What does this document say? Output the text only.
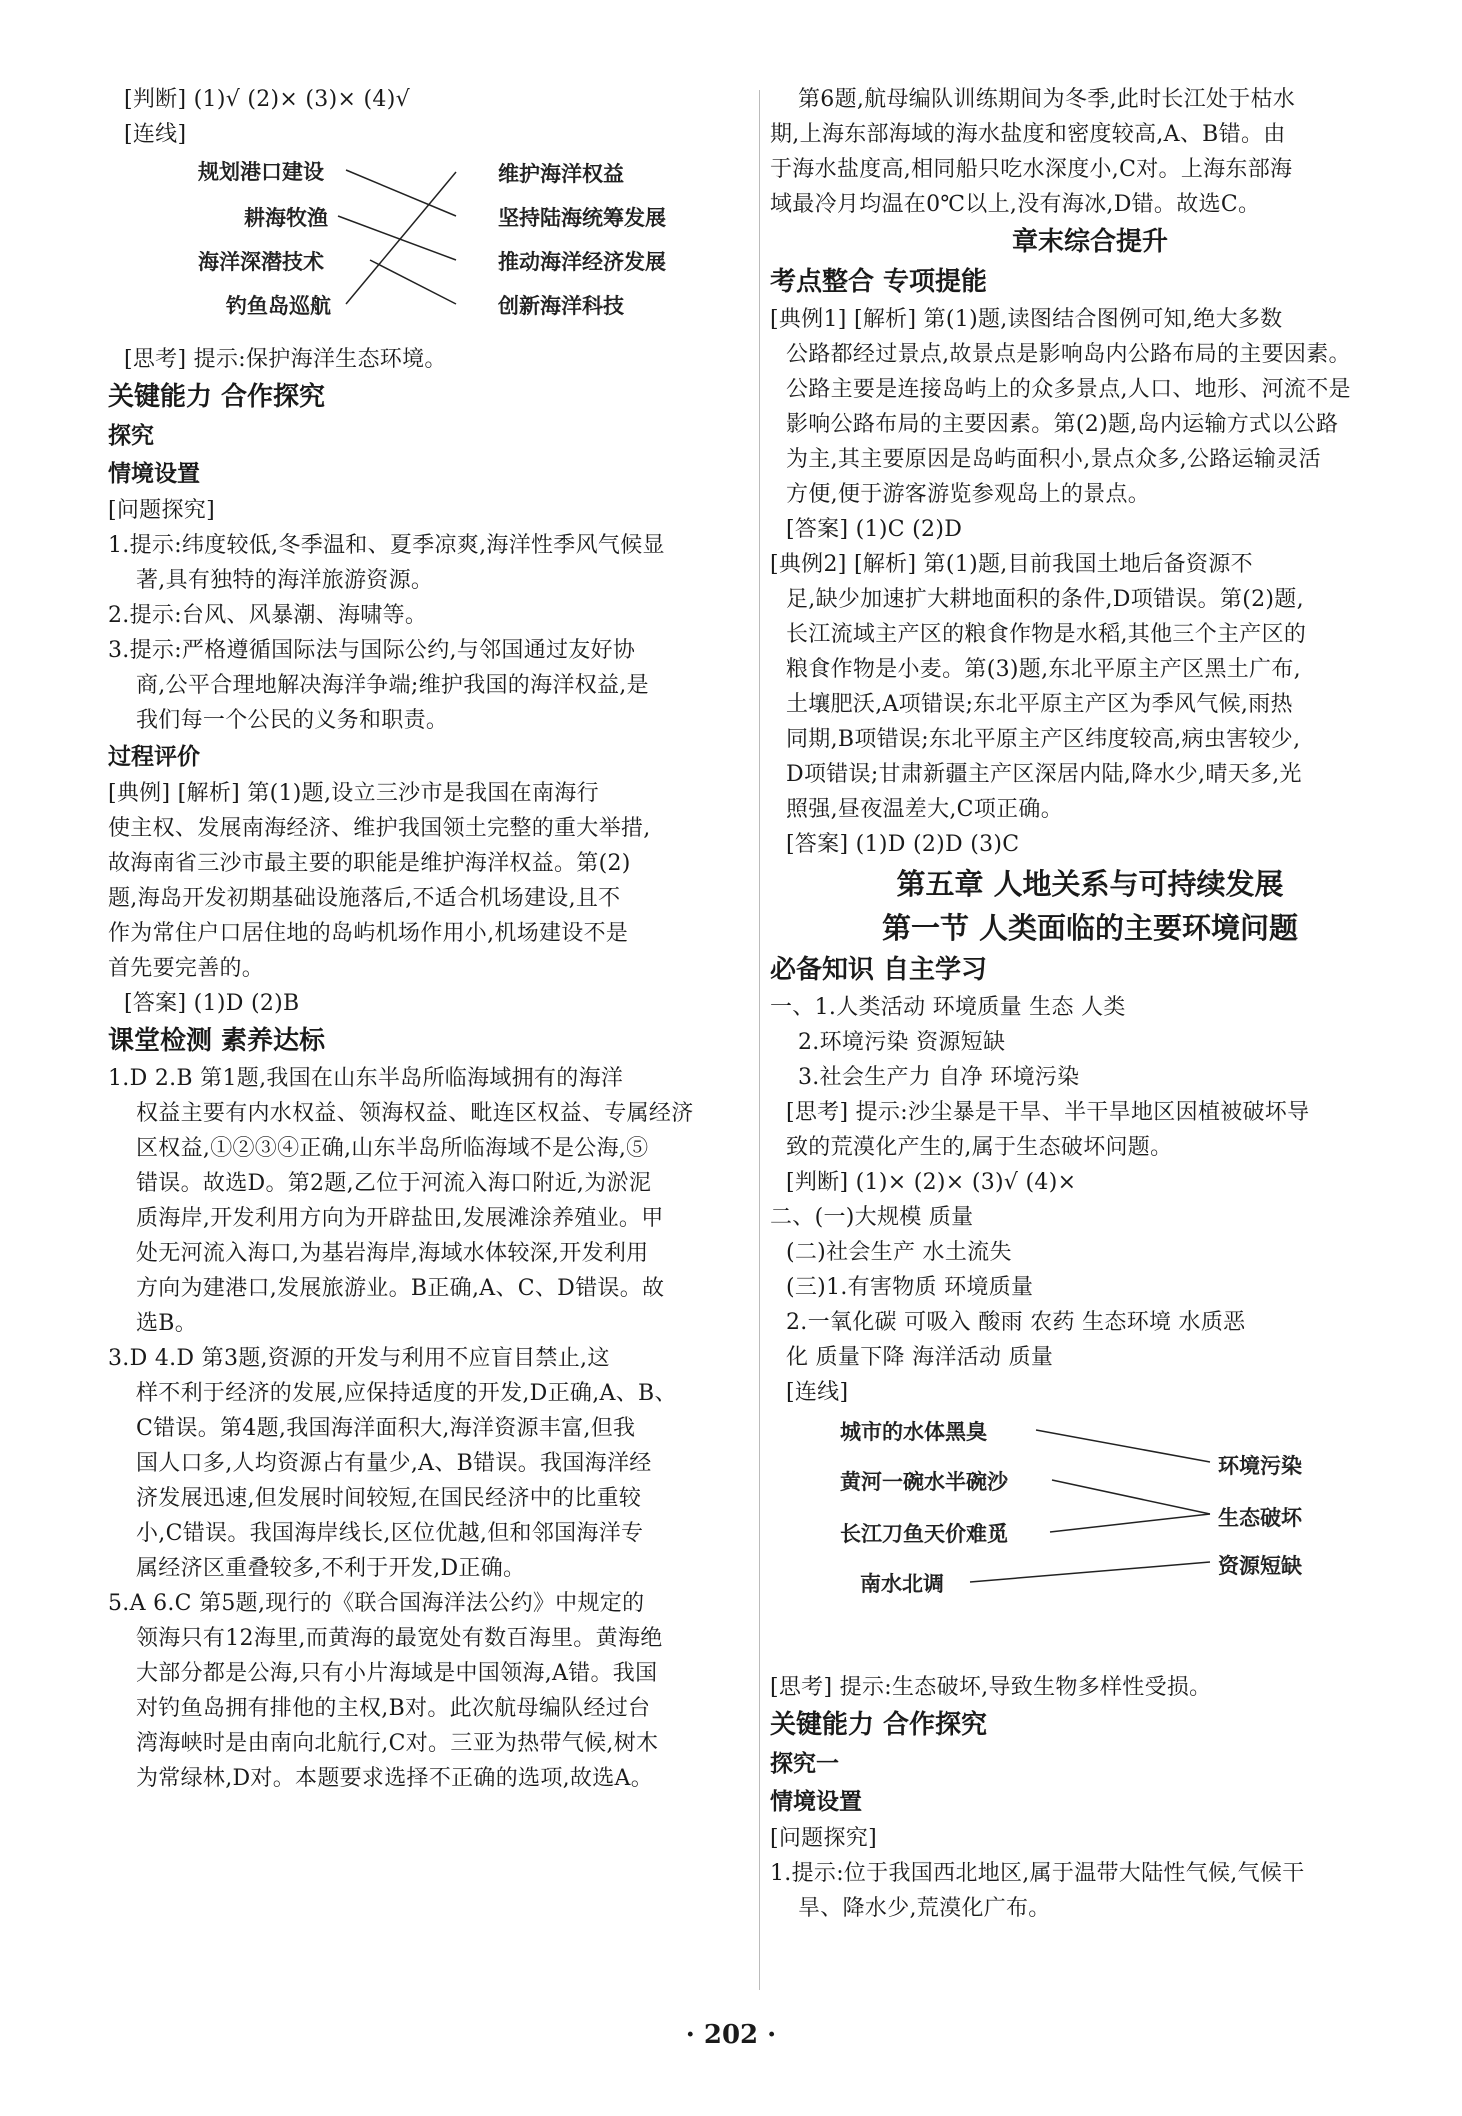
[判断] (1)√ (2)× (3)× (4)√
[连线]
规划港口建设
耕海牧渔
海洋深潜技术
钓鱼岛巡航
维护海洋权益
坚持陆海统筹发展
推动海洋经济发展
创新海洋科技
[思考] 提示:保护海洋生态环境。
关键能力 合作探究
探究
情境设置
[问题探究]
1.提示:纬度较低,冬季温和、夏季凉爽,海洋性季风气候显
著,具有独特的海洋旅游资源。
2.提示:台风、风暴潮、海啸等。
3.提示:严格遵循国际法与国际公约,与邻国通过友好协
商,公平合理地解决海洋争端;维护我国的海洋权益,是
我们每一个公民的义务和职责。
过程评价
[典例] [解析] 第(1)题,设立三沙市是我国在南海行
使主权、发展南海经济、维护我国领土完整的重大举措,
故海南省三沙市最主要的职能是维护海洋权益。第(2)
题,海岛开发初期基础设施落后,不适合机场建设,且不
作为常住户口居住地的岛屿机场作用小,机场建设不是
首先要完善的。
[答案] (1)D (2)B
课堂检测 素养达标
1.D 2.B 第1题,我国在山东半岛所临海域拥有的海洋
权益主要有内水权益、领海权益、毗连区权益、专属经济
区权益,①②③④正确,山东半岛所临海域不是公海,⑤
错误。故选D。第2题,乙位于河流入海口附近,为淤泥
质海岸,开发利用方向为开辟盐田,发展滩涂养殖业。甲
处无河流入海口,为基岩海岸,海域水体较深,开发利用
方向为建港口,发展旅游业。B正确,A、C、D错误。故
选B。
3.D 4.D 第3题,资源的开发与利用不应盲目禁止,这
样不利于经济的发展,应保持适度的开发,D正确,A、B、
C错误。第4题,我国海洋面积大,海洋资源丰富,但我
国人口多,人均资源占有量少,A、B错误。我国海洋经
济发展迅速,但发展时间较短,在国民经济中的比重较
小,C错误。我国海岸线长,区位优越,但和邻国海洋专
属经济区重叠较多,不利于开发,D正确。
5.A 6.C 第5题,现行的《联合国海洋法公约》中规定的
领海只有12海里,而黄海的最宽处有数百海里。黄海绝
大部分都是公海,只有小片海域是中国领海,A错。我国
对钓鱼岛拥有排他的主权,B对。此次航母编队经过台
湾海峡时是由南向北航行,C对。三亚为热带气候,树木
为常绿林,D对。本题要求选择不正确的选项,故选A。
第6题,航母编队训练期间为冬季,此时长江处于枯水
期,上海东部海域的海水盐度和密度较高,A、B错。由
于海水盐度高,相同船只吃水深度小,C对。上海东部海
域最冷月均温在0℃以上,没有海冰,D错。故选C。
章末综合提升
考点整合 专项提能
[典例1] [解析] 第(1)题,读图结合图例可知,绝大多数
公路都经过景点,故景点是影响岛内公路布局的主要因素。
公路主要是连接岛屿上的众多景点,人口、地形、河流不是
影响公路布局的主要因素。第(2)题,岛内运输方式以公路
为主,其主要原因是岛屿面积小,景点众多,公路运输灵活
方便,便于游客游览参观岛上的景点。
[答案] (1)C (2)D
[典例2] [解析] 第(1)题,目前我国土地后备资源不
足,缺少加速扩大耕地面积的条件,D项错误。第(2)题,
长江流域主产区的粮食作物是水稻,其他三个主产区的
粮食作物是小麦。第(3)题,东北平原主产区黑土广布,
土壤肥沃,A项错误;东北平原主产区为季风气候,雨热
同期,B项错误;东北平原主产区纬度较高,病虫害较少,
D项错误;甘肃新疆主产区深居内陆,降水少,晴天多,光
照强,昼夜温差大,C项正确。
[答案] (1)D (2)D (3)C
第五章 人地关系与可持续发展
第一节 人类面临的主要环境问题
必备知识 自主学习
一、1.人类活动 环境质量 生态 人类
2.环境污染 资源短缺
3.社会生产力 自净 环境污染
[思考] 提示:沙尘暴是干旱、半干旱地区因植被破坏导
致的荒漠化产生的,属于生态破坏问题。
[判断] (1)× (2)× (3)√ (4)×
二、(一)大规模 质量
(二)社会生产 水土流失
(三)1.有害物质 环境质量
2.一氧化碳 可吸入 酸雨 农药 生态环境 水质恶
化 质量下降 海洋活动 质量
[连线]
城市的水体黑臭
黄河一碗水半碗沙
长江刀鱼天价难觅
南水北调
环境污染
生态破坏
资源短缺
[思考] 提示:生态破坏,导致生物多样性受损。
关键能力 合作探究
探究一
情境设置
[问题探究]
1.提示:位于我国西北地区,属于温带大陆性气候,气候干
旱、降水少,荒漠化广布。
· 202 ·
